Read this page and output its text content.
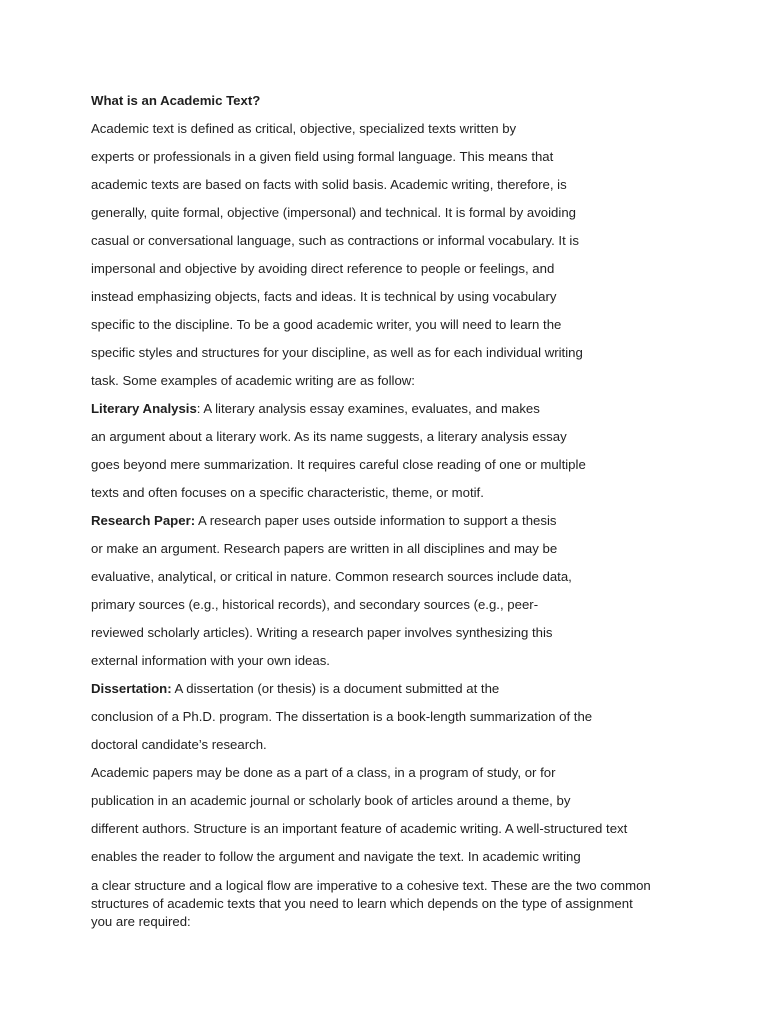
What is an Academic Text?
Academic text is defined as critical, objective, specialized texts written by
experts or professionals in a given field using formal language. This means that
academic texts are based on facts with solid basis. Academic writing, therefore, is
generally, quite formal, objective (impersonal) and technical. It is formal by avoiding
casual or conversational language, such as contractions or informal vocabulary. It is
impersonal and objective by avoiding direct reference to people or feelings, and
instead emphasizing objects, facts and ideas. It is technical by using vocabulary
specific to the discipline. To be a good academic writer, you will need to learn the
specific styles and structures for your discipline, as well as for each individual writing
task. Some examples of academic writing are as follow:
Literary Analysis: A literary analysis essay examines, evaluates, and makes
an argument about a literary work. As its name suggests, a literary analysis essay
goes beyond mere summarization. It requires careful close reading of one or multiple
texts and often focuses on a specific characteristic, theme, or motif.
Research Paper: A research paper uses outside information to support a thesis
or make an argument. Research papers are written in all disciplines and may be
evaluative, analytical, or critical in nature. Common research sources include data,
primary sources (e.g., historical records), and secondary sources (e.g., peer-
reviewed scholarly articles). Writing a research paper involves synthesizing this
external information with your own ideas.
Dissertation: A dissertation (or thesis) is a document submitted at the
conclusion of a Ph.D. program. The dissertation is a book-length summarization of the
doctoral candidate’s research.
Academic papers may be done as a part of a class, in a program of study, or for
publication in an academic journal or scholarly book of articles around a theme, by
different authors. Structure is an important feature of academic writing. A well-structured text
enables the reader to follow the argument and navigate the text. In academic writing
a clear structure and a logical flow are imperative to a cohesive text. These are the two common
structures of academic texts that you need to learn which depends on the type of assignment
you are required:
